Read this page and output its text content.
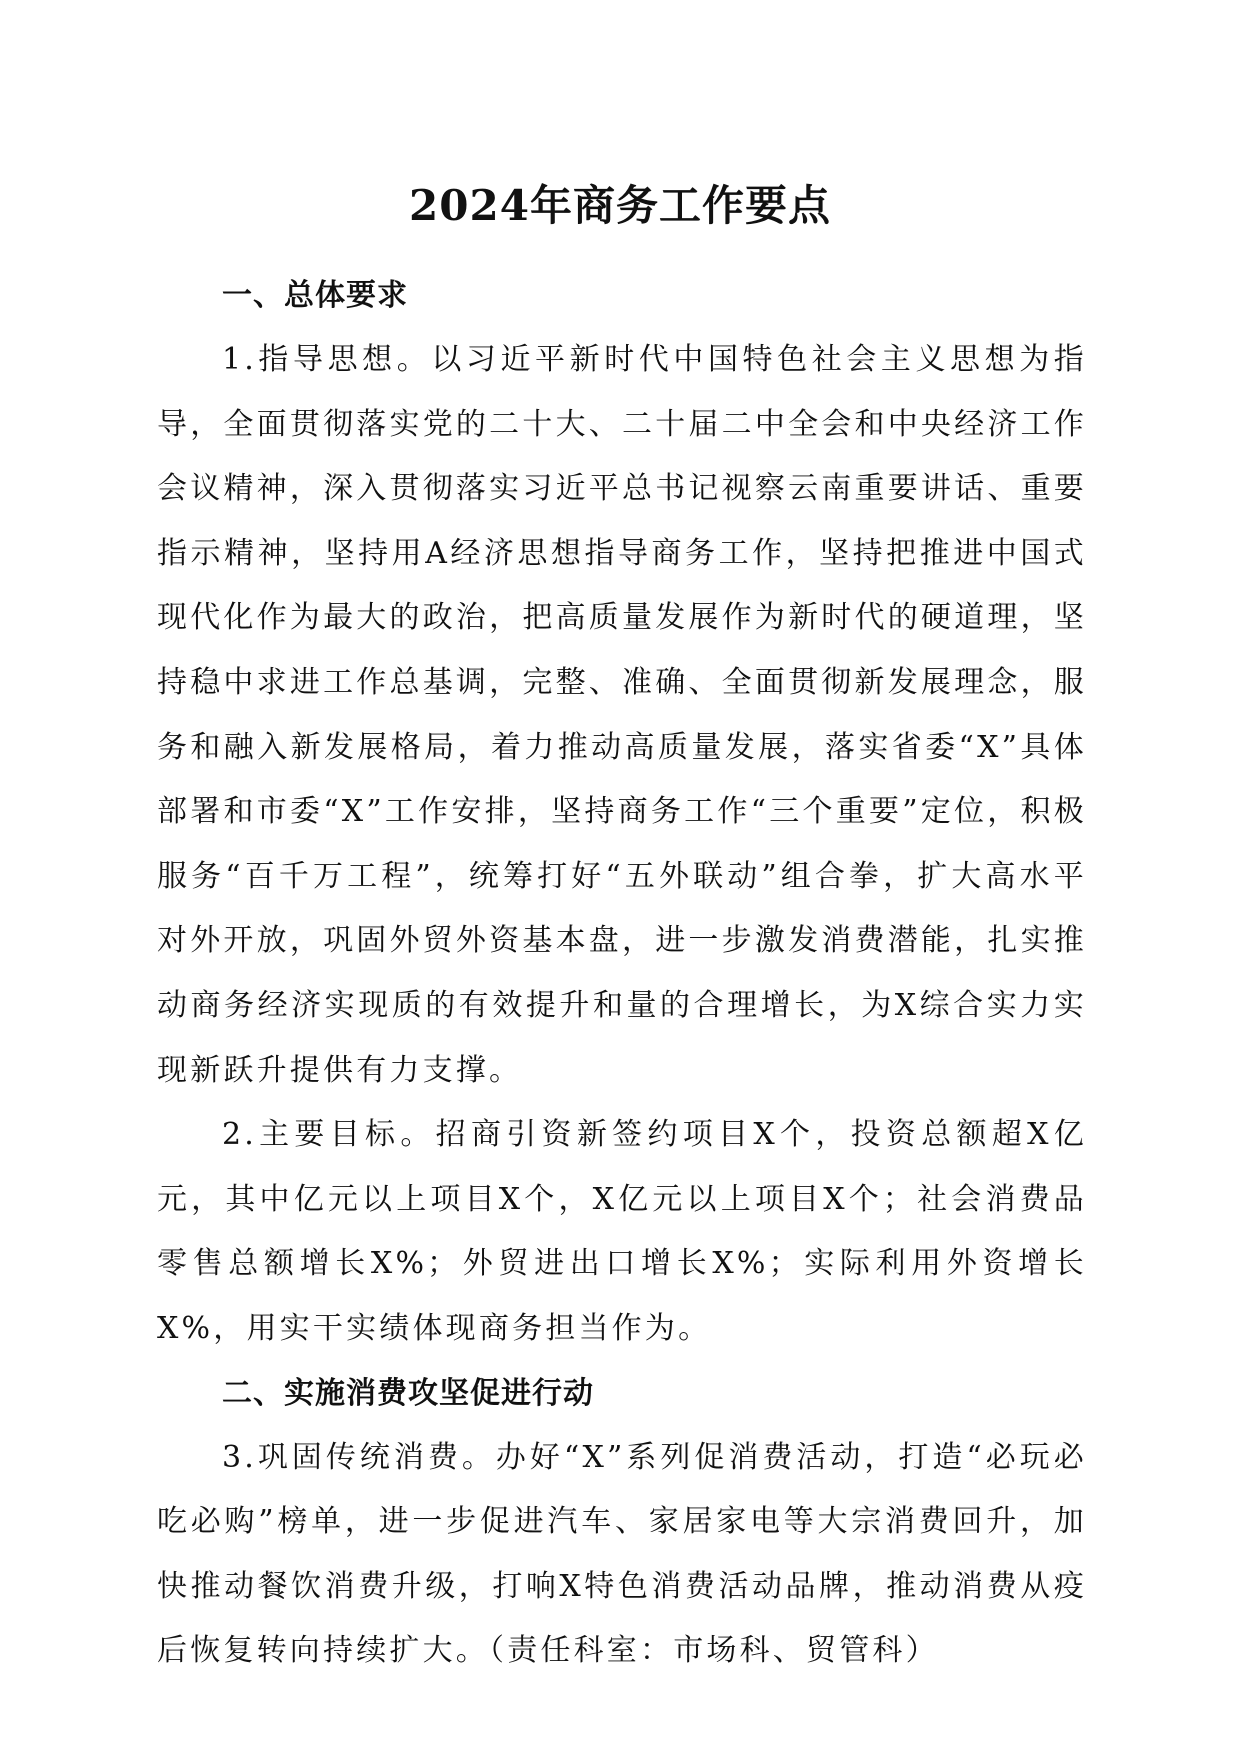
2024年商务工作要点

一、总体要求

1.指导思想。以习近平新时代中国特色社会主义思想为指导，全面贯彻落实党的二十大、二十届二中全会和中央经济工作会议精神，深入贯彻落实习近平总书记视察云南重要讲话、重要指示精神，坚持用A经济思想指导商务工作，坚持把推进中国式现代化作为最大的政治，把高质量发展作为新时代的硬道理，坚持稳中求进工作总基调，完整、准确、全面贯彻新发展理念，服务和融入新发展格局，着力推动高质量发展，落实省委“X”具体部署和市委“X”工作安排，坚持商务工作“三个重要”定位，积极服务“百千万工程”，统筹打好“五外联动”组合拳，扩大高水平对外开放，巩固外贸外资基本盘，进一步激发消费潜能，扎实推动商务经济实现质的有效提升和量的合理增长，为X综合实力实现新跃升提供有力支撑。

2.主要目标。招商引资新签约项目X个，投资总额超X亿元，其中亿元以上项目X个，X亿元以上项目X个；社会消费品零售总额增长X%；外贸进出口增长X%；实际利用外资增长X%，用实干实绩体现商务担当作为。

二、实施消费攻坚促进行动

3.巩固传统消费。办好“X”系列促消费活动，打造“必玩必吃必购”榜单，进一步促进汽车、家居家电等大宗消费回升，加快推动餐饮消费升级，打响X特色消费活动品牌，推动消费从疫后恢复转向持续扩大。（责任科室：市场科、贸管科）
